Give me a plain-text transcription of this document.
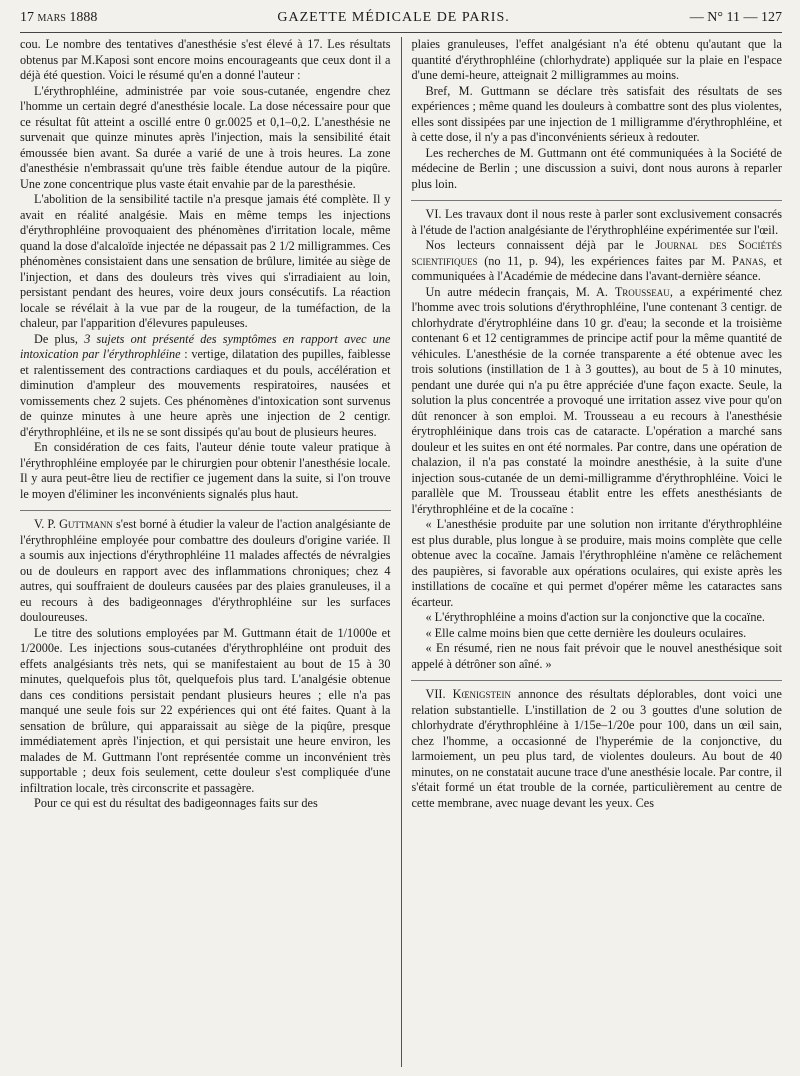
17 mars 1888	GAZETTE MÉDICALE DE PARIS.	— N° 11 — 127

cou. Le nombre des tentatives d'anesthésie s'est élevé à 17. Les résultats obtenus par M.Kaposi sont encore moins encourageants que ceux dont il a déjà été question. Voici le résumé qu'en a donné l'auteur :

L'érythrophléine, administrée par voie sous-cutanée, engendre chez l'homme un certain degré d'anesthésie locale. La dose nécessaire pour que ce résultat fût atteint a oscillé entre 0 gr.0025 et 0,1–0,2. L'anesthésie ne survenait que quinze minutes après l'injection, mais la sensibilité était émoussée bien avant. Sa durée a varié de une à trois heures. La zone d'anesthésie n'embrassait qu'une très faible étendue autour de la piqûre. Une zone concentrique plus vaste était envahie par de la paresthésie.

L'abolition de la sensibilité tactile n'a presque jamais été complète. Il y avait en réalité analgésie. Mais en même temps les injections d'érythrophléine provoquaient des phénomènes d'irritation locale, même quand la dose d'alcaloïde injectée ne dépassait pas 2 1/2 milligrammes. Ces phénomènes consistaient dans une sensation de brûlure, limitée au siège de l'injection, et dans des douleurs très vives qui s'irradiaient au loin, persistant pendant des heures, voire deux jours consécutifs. La réaction locale se révélait à la vue par de la rougeur, de la tuméfaction, de la chaleur, par l'apparition d'élevures papuleuses.

De plus, 3 sujets ont présenté des symptômes en rapport avec une intoxication par l'érythrophléine : vertige, dilatation des pupilles, faiblesse et ralentissement des contractions cardiaques et du pouls, accélération et diminution d'ampleur des mouvements respiratoires, nausées et vomissements chez 2 sujets. Ces phénomènes d'intoxication sont survenus de quinze minutes à une heure après une injection de 2 centigr. d'érythrophléine, et ils ne se sont dissipés qu'au bout de plusieurs heures.

En considération de ces faits, l'auteur dénie toute valeur pratique à l'érythrophléine employée par le chirurgien pour obtenir l'anesthésie locale. Il y aura peut-être lieu de rectifier ce jugement dans la suite, si l'on trouve le moyen d'éliminer les inconvénients signalés plus haut.

V. P. Guttmann s'est borné à étudier la valeur de l'action analgésiante de l'érythrophléine employée pour combattre des douleurs d'origine variée. Il a soumis aux injections d'érythrophléine 11 malades affectés de névralgies ou de douleurs en rapport avec des inflammations chroniques; chez 4 autres, qui souffraient de douleurs causées par des plaies granuleuses, il a eu recours à des badigeonnages d'érythrophléine sur les surfaces douloureuses.

Le titre des solutions employées par M. Guttmann était de 1/1000e et 1/2000e. Les injections sous-cutanées d'érythrophléine ont produit des effets analgésiants très nets, qui se manifestaient au bout de 15 à 30 minutes, quelquefois plus tôt, quelquefois plus tard. L'analgésie obtenue dans ces conditions persistait pendant plusieurs heures ; elle n'a pas manqué une seule fois sur 22 expériences qui ont été faites. Quant à la sensation de brûlure, qui apparaissait au siège de la piqûre, presque immédiatement après l'injection, et qui persistait une heure environ, les malades de M. Guttmann l'ont représentée comme un inconvénient très supportable ; deux fois seulement, cette douleur s'est compliquée d'une infiltration locale, très circonscrite et passagère.

Pour ce qui est du résultat des badigeonnages faits sur des

plaies granuleuses, l'effet analgésiant n'a été obtenu qu'autant que la quantité d'érythrophléine (chlorhydrate) appliquée sur la plaie en l'espace d'une demi-heure, atteignait 2 milligrammes au moins.

Bref, M. Guttmann se déclare très satisfait des résultats de ses expériences ; même quand les douleurs à combattre sont des plus violentes, elles sont dissipées par une injection de 1 milligramme d'érythrophléine, et à cette dose, il n'y a pas d'inconvénients sérieux à redouter.

Les recherches de M. Guttmann ont été communiquées à la Société de médecine de Berlin ; une discussion a suivi, dont nous aurons à reparler plus loin.

VI. Les travaux dont il nous reste à parler sont exclusivement consacrés à l'étude de l'action analgésiante de l'érythrophléine expérimentée sur l'œil.

Nos lecteurs connaissent déjà par le Journal des Sociétés scientifiques (no 11, p. 94), les expériences faites par M. Panas, et communiquées à l'Académie de médecine dans l'avant-dernière séance.

Un autre médecin français, M. A. Trousseau, a expérimenté chez l'homme avec trois solutions d'érythrophléine, l'une contenant 3 centigr. de chlorhydrate d'érytrophléine dans 10 gr. d'eau; la seconde et la troisième contenant 6 et 12 centigrammes de principe actif pour la même quantité de véhicules. L'anesthésie de la cornée transparente a été obtenue avec les trois solutions (instillation de 1 à 3 gouttes), au bout de 5 à 10 minutes, pendant une durée qui n'a pu être appréciée d'une façon exacte. Seule, la solution la plus concentrée a provoqué une irritation assez vive pour qu'on dût renoncer à son emploi. M. Trousseau a eu recours à l'anesthésie érytrophléinique dans trois cas de cataracte. L'opération a marché sans douleur et les suites en ont été normales. Par contre, dans une opération de chalazion, il n'a pas constaté la moindre anesthésie, à la suite d'une injection sous-cutanée de un demi-milligramme d'érythrophléine. Voici le parallèle que M. Trousseau établit entre les effets anesthésiants de l'érythrophléine et de la cocaïne :

« L'anesthésie produite par une solution non irritante d'érythrophléine est plus durable, plus longue à se produire, mais moins complète que celle obtenue avec la cocaïne. Jamais l'érythrophléine n'amène ce relâchement des paupières, si favorable aux opérations oculaires, qui existe après les instillations de cocaïne et qui permet d'opérer même les cataractes sans écarteur.

« L'érythrophléine a moins d'action sur la conjonctive que la cocaïne.

« Elle calme moins bien que cette dernière les douleurs oculaires.

« En résumé, rien ne nous fait prévoir que le nouvel anesthésique soit appelé à détrôner son aîné. »

VII. Kœnigstein annonce des résultats déplorables, dont voici une relation substantielle. L'instillation de 2 ou 3 gouttes d'une solution de chlorhydrate d'érythrophléine à 1/15e–1/20e pour 100, dans un œil sain, chez l'homme, a occasionné de l'hyperémie de la conjonctive, du larmoiement, un peu plus tard, de violentes douleurs. Au bout de 40 minutes, on ne constatait aucune trace d'une anesthésie locale. Par contre, il s'était formé un état trouble de la cornée, particulièrement au centre de cette membrane, avec nuage devant les yeux. Ces
